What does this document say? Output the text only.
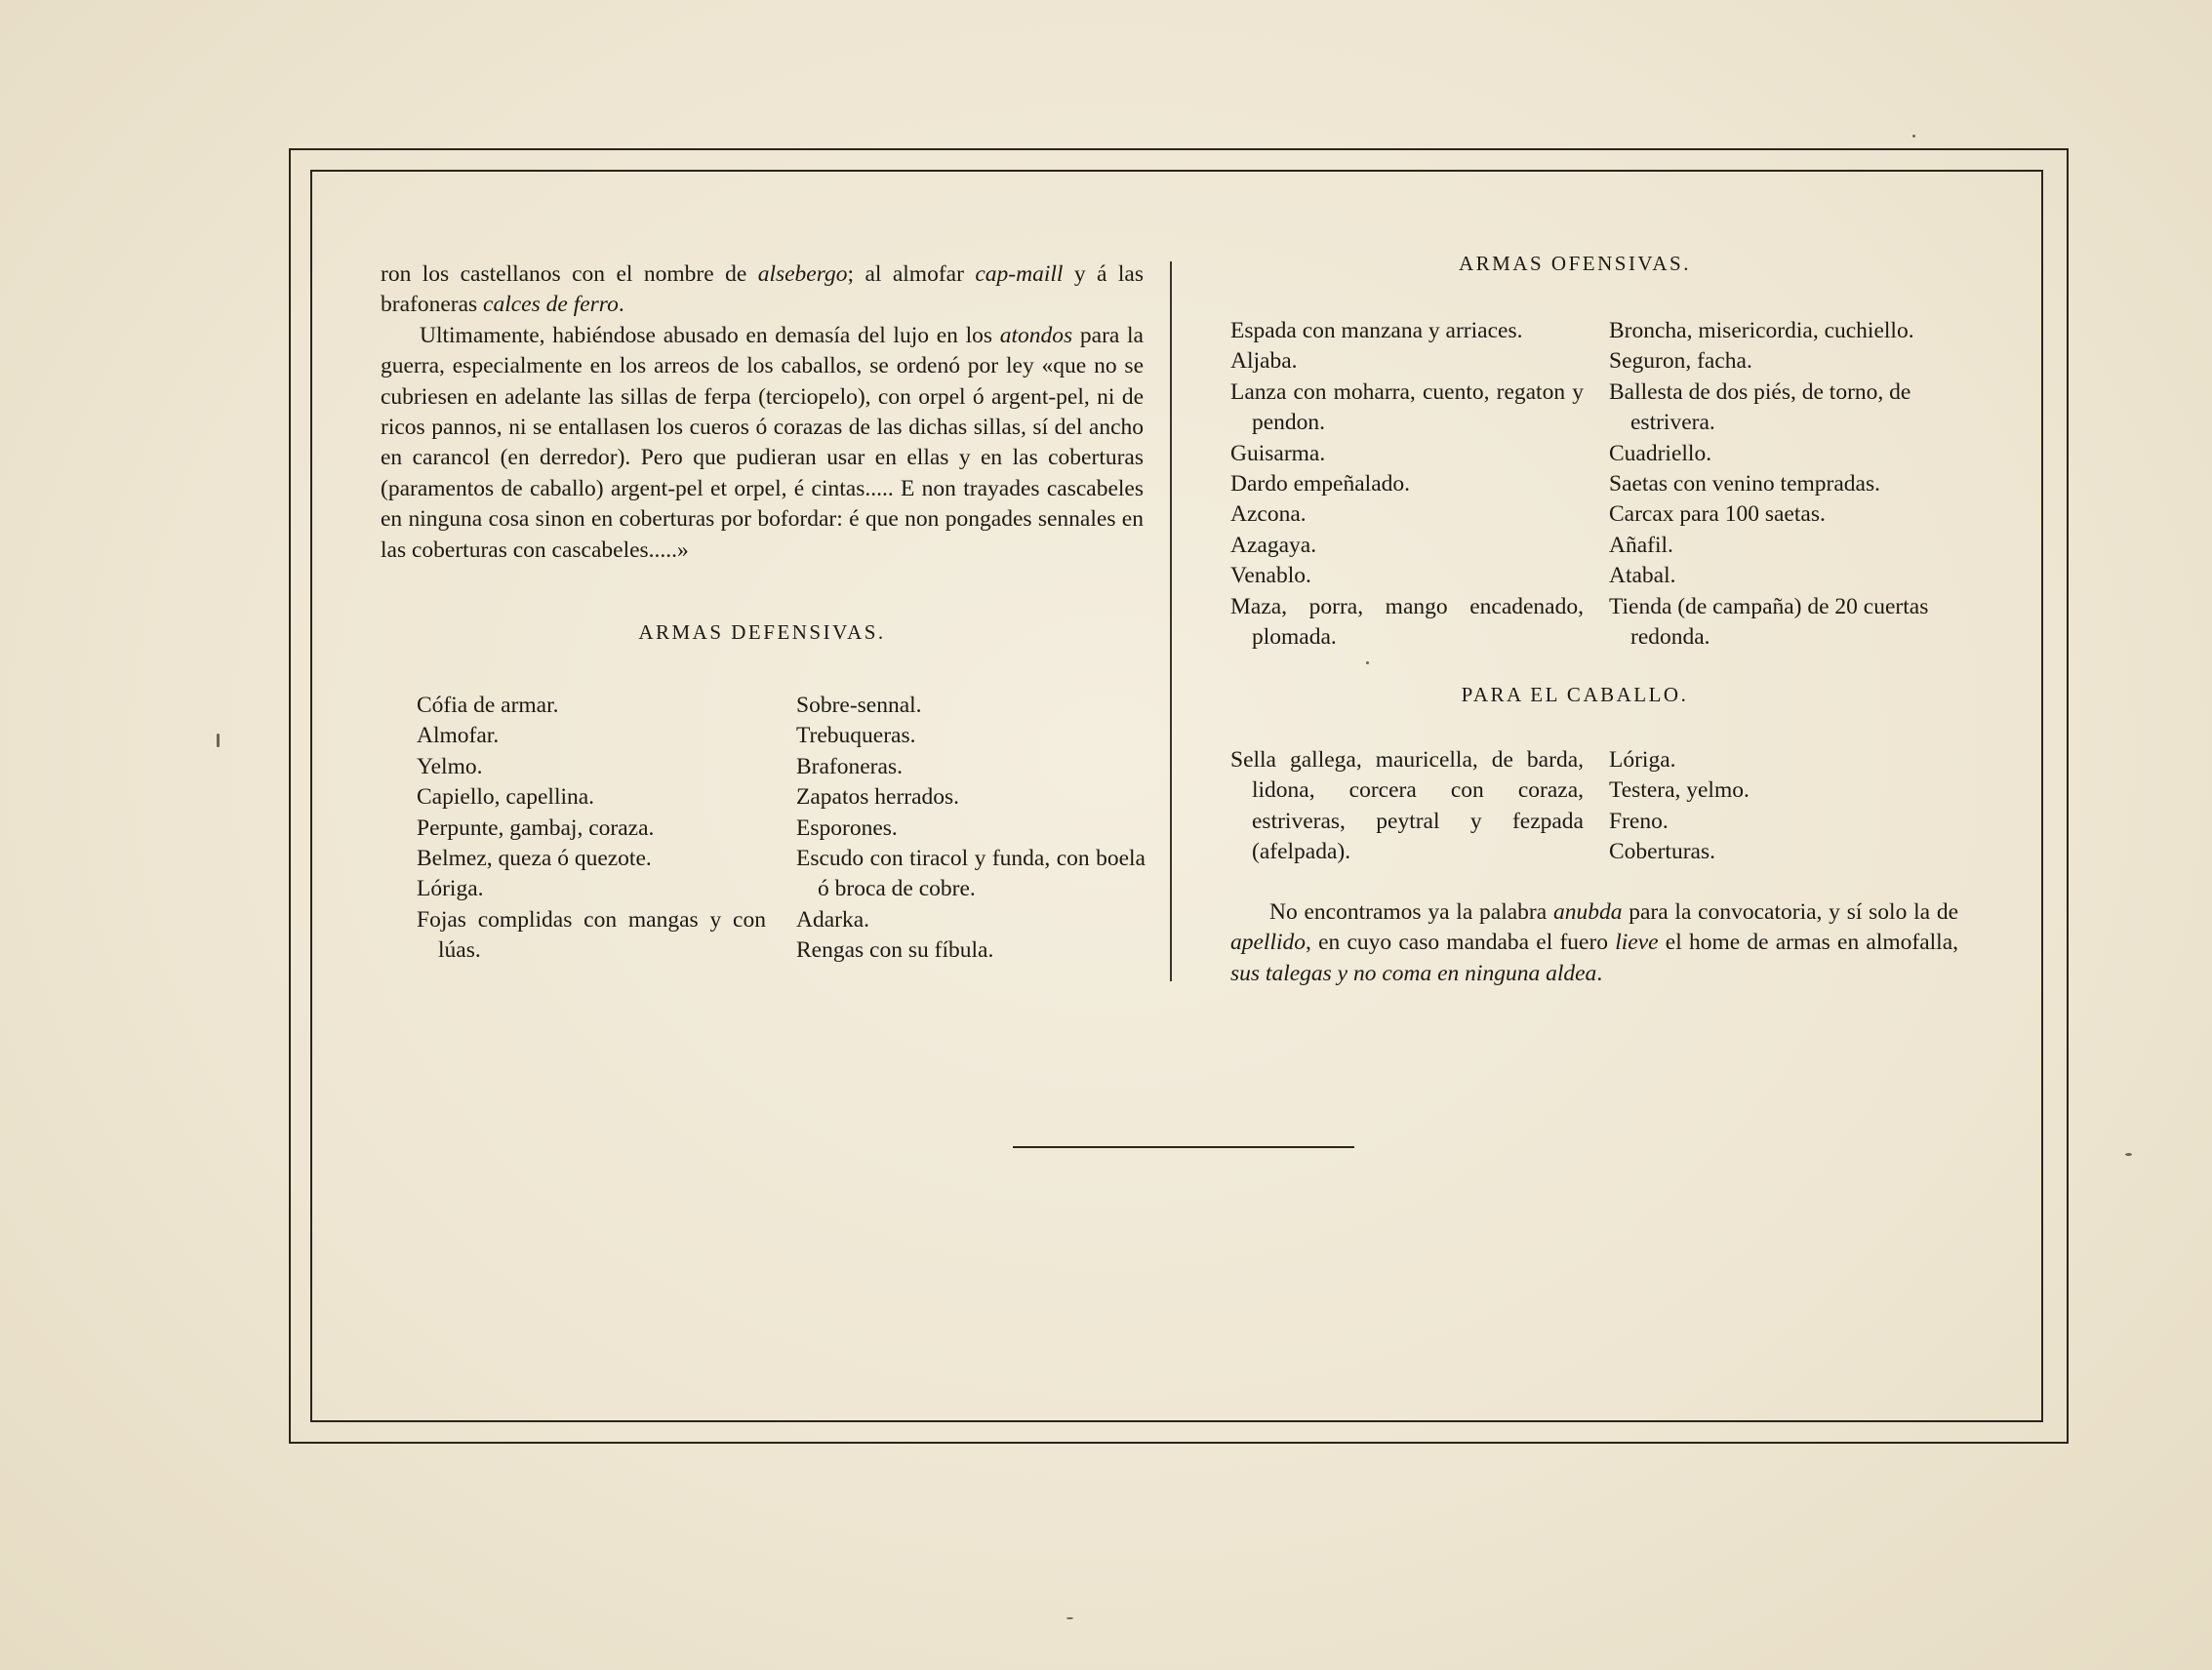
ron los castellanos con el nombre de alsebergo; al almofar cap-maill y á las brafoneras calces de ferro.

Ultimamente, habiéndose abusado en demasía del lujo en los atondos para la guerra, especialmente en los arreos de los caballos, se ordenó por ley «que no se cubriesen en adelante las sillas de ferpa (terciopelo), con orpel ó argent-pel, ni de ricos pannos, ni se entallasen los cueros ó corazas de las dichas sillas, sí del ancho en carancol (en derredor). Pero que pudieran usar en ellas y en las coberturas (paramentos de caballo) argent-pel et orpel, é cintas..... E non trayades cascabeles en ninguna cosa sinon en coberturas por bofordar: é que non pongades sennales en las coberturas con cascabeles.....»

ARMAS DEFENSIVAS.
Cófia de armar.
Almofar.
Yelmo.
Capiello, capellina.
Perpunte, gambaj, coraza.
Belmez, queza ó quezote.
Lóriga.
Fojas complidas con mangas y con lúas.
Sobre-sennal.
Trebuqueras.
Brafoneras.
Zapatos herrados.
Esporones.
Escudo con tiracol y funda, con boela ó broca de cobre.
Adarka.
Rengas con su fíbula.
ARMAS OFENSIVAS.
Espada con manzana y arriaces.
Aljaba.
Lanza con moharra, cuento, regaton y pendon.
Guisarma.
Dardo empeñalado.
Azcona.
Azagaya.
Venablo.
Maza, porra, mango encadenado, plomada.
Broncha, misericordia, cuchiello.
Seguron, facha.
Ballesta de dos piés, de torno, de estrivera.
Cuadriello.
Saetas con venino tempradas.
Carcax para 100 saetas.
Añafil.
Atabal.
Tienda (de campaña) de 20 cuertas redonda.
PARA EL CABALLO.
Sella gallega, mauricella, de barda, lidona, corcera con coraza, estriveras, peytral y fezpada (afelpada).
Lóriga.
Testera, yelmo.
Freno.
Coberturas.

No encontramos ya la palabra anubda para la convocatoria, y sí solo la de apellido, en cuyo caso mandaba el fuero lieve el home de armas en almofalla, sus talegas y no coma en ninguna aldea.
